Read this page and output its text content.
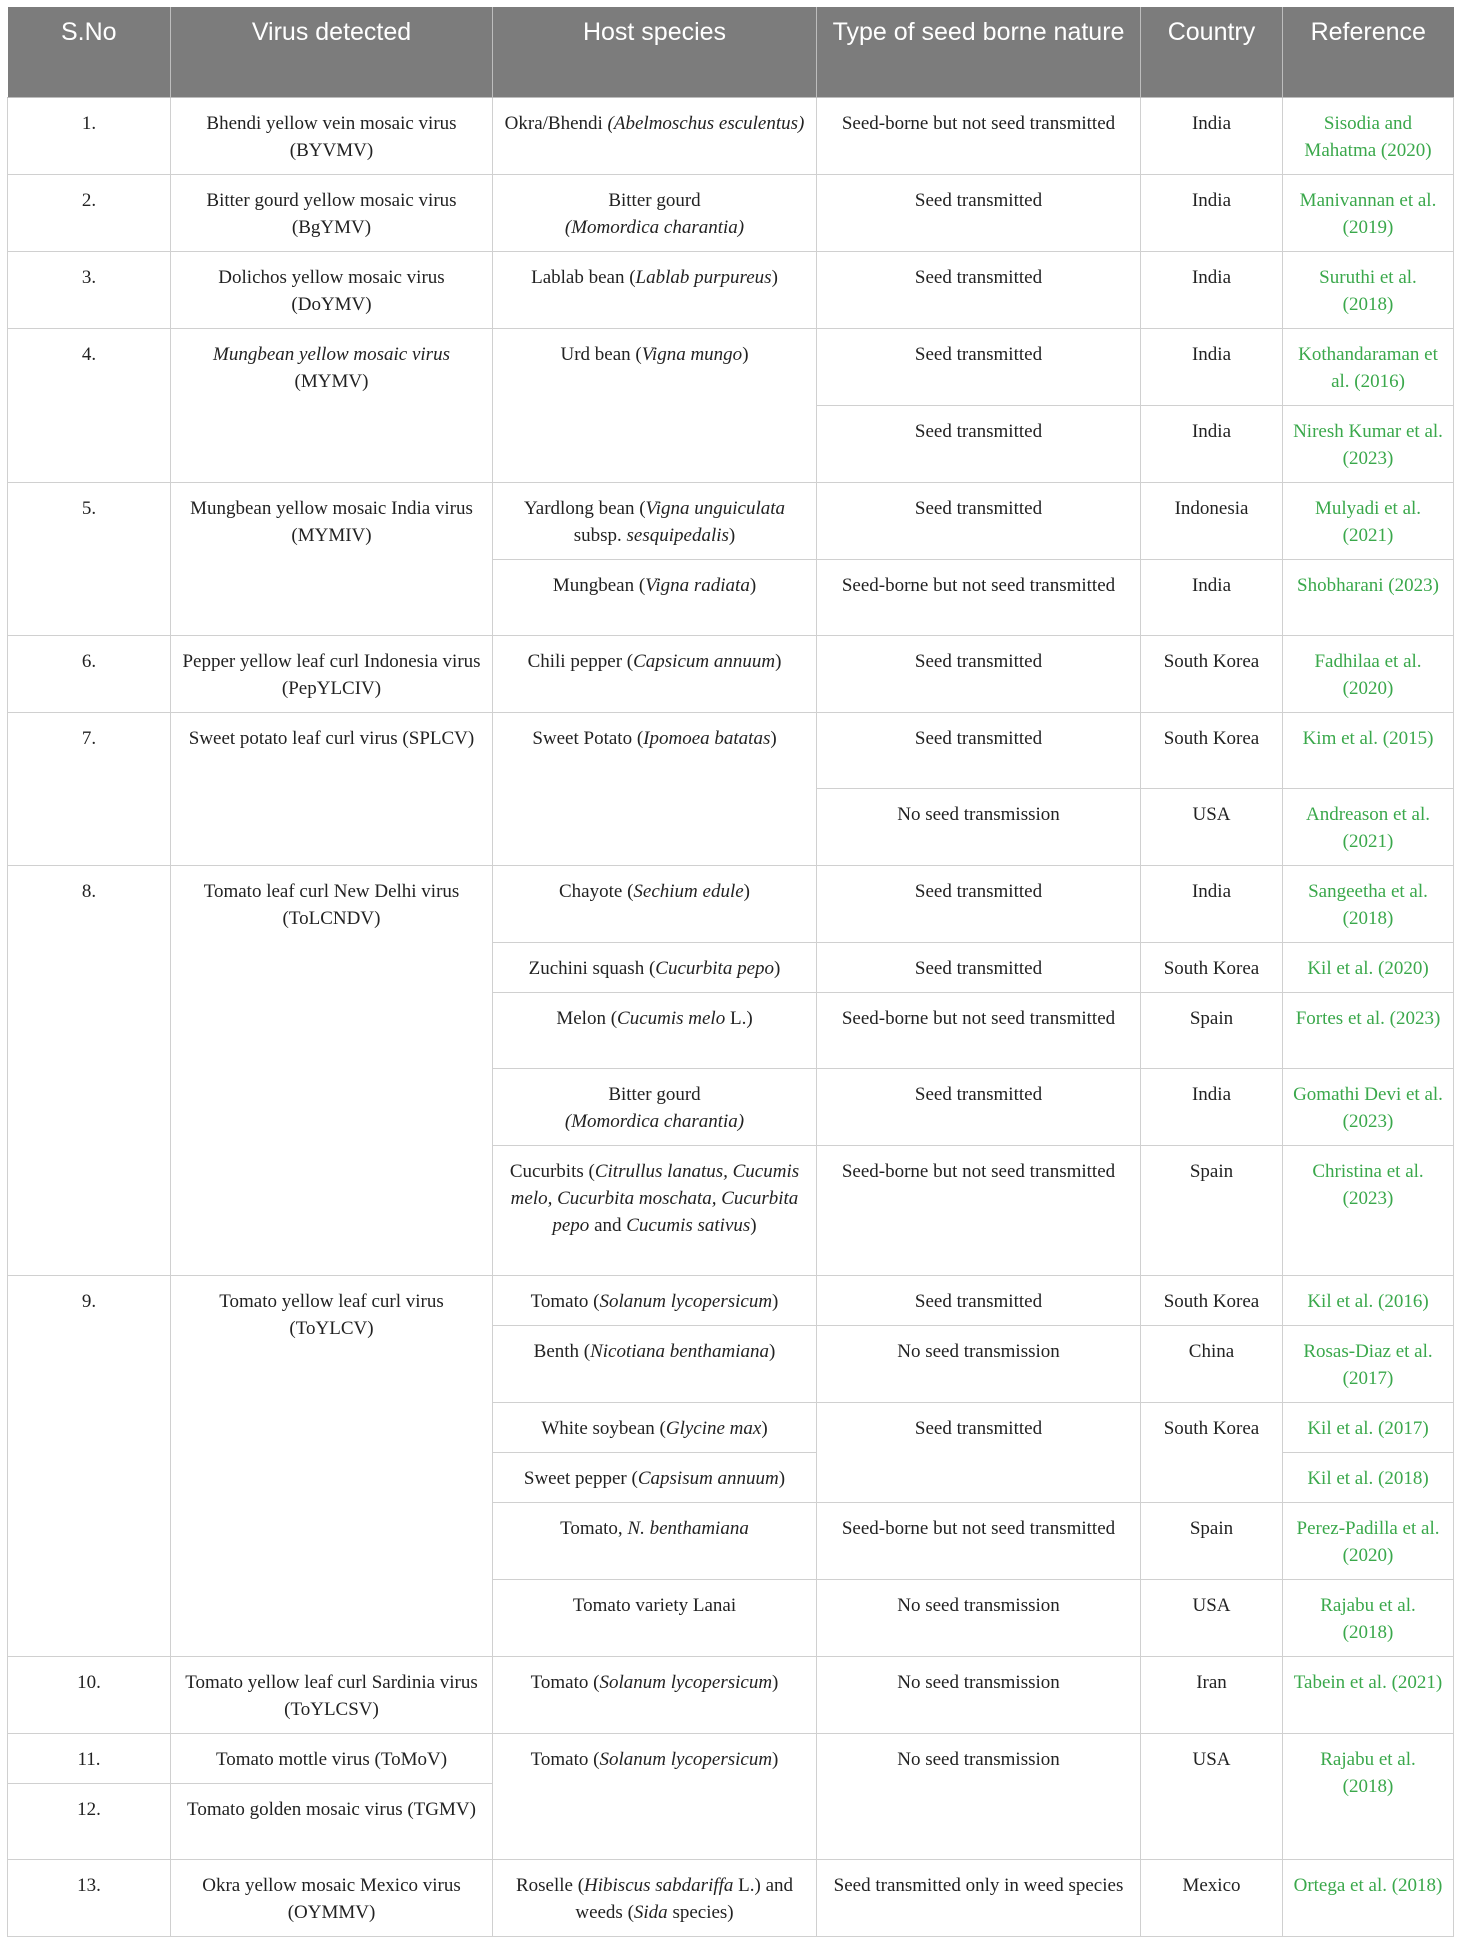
S.No	Virus detected	Host species	Type of seed borne nature	Country	Reference
1.	Bhendi yellow vein mosaic virus (BYVMV)	Okra/Bhendi (Abelmoschus esculentus)	Seed-borne but not seed transmitted	India	Sisodia and Mahatma (2020)
2.	Bitter gourd yellow mosaic virus (BgYMV)	Bitter gourd
(Momordica charantia)	Seed transmitted	India	Manivannan et al. (2019)
3.	Dolichos yellow mosaic virus (DoYMV)	Lablab bean (Lablab purpureus)	Seed transmitted	India	Suruthi et al. (2018)
4.	Mungbean yellow mosaic virus (MYMV)	Urd bean (Vigna mungo)	Seed transmitted	India	Kothandaraman et al. (2016)
			Seed transmitted	India	Niresh Kumar et al. (2023)
5.	Mungbean yellow mosaic India virus (MYMIV)	Yardlong bean (Vigna unguiculata subsp. sesquipedalis)	Seed transmitted	Indonesia	Mulyadi et al. (2021)
		Mungbean (Vigna radiata)	Seed-borne but not seed transmitted	India	Shobharani (2023)
6.	Pepper yellow leaf curl Indonesia virus (PepYLCIV)	Chili pepper (Capsicum annuum)	Seed transmitted	South Korea	Fadhilaa et al. (2020)
7.	Sweet potato leaf curl virus (SPLCV)	Sweet Potato (Ipomoea batatas)	Seed transmitted	South Korea	Kim et al. (2015)
			No seed transmission	USA	Andreason et al. (2021)
8.	Tomato leaf curl New Delhi virus (ToLCNDV)	Chayote (Sechium edule)	Seed transmitted	India	Sangeetha et al. (2018)
		Zuchini squash (Cucurbita pepo)	Seed transmitted	South Korea	Kil et al. (2020)
		Melon (Cucumis melo L.)	Seed-borne but not seed transmitted	Spain	Fortes et al. (2023)
		Bitter gourd
(Momordica charantia)	Seed transmitted	India	Gomathi Devi et al. (2023)
		Cucurbits (Citrullus lanatus, Cucumis melo, Cucurbita moschata, Cucurbita pepo and Cucumis sativus)	Seed-borne but not seed transmitted	Spain	Christina et al. (2023)
9.	Tomato yellow leaf curl virus (ToYLCV)	Tomato (Solanum lycopersicum)	Seed transmitted	South Korea	Kil et al. (2016)
		Benth (Nicotiana benthamiana)	No seed transmission	China	Rosas-Diaz et al. (2017)
		White soybean (Glycine max)	Seed transmitted	South Korea	Kil et al. (2017)
		Sweet pepper (Capsisum annuum)			Kil et al. (2018)
		Tomato, N. benthamiana	Seed-borne but not seed transmitted	Spain	Perez-Padilla et al. (2020)
		Tomato variety Lanai	No seed transmission	USA	Rajabu et al. (2018)
10.	Tomato yellow leaf curl Sardinia virus (ToYLCSV)	Tomato (Solanum lycopersicum)	No seed transmission	Iran	Tabein et al. (2021)
11.	Tomato mottle virus (ToMoV)	Tomato (Solanum lycopersicum)	No seed transmission	USA	Rajabu et al. (2018)
12.	Tomato golden mosaic virus (TGMV)				
13.	Okra yellow mosaic Mexico virus (OYMMV)	Roselle (Hibiscus sabdariffa L.) and weeds (Sida species)	Seed transmitted only in weed species	Mexico	Ortega et al. (2018)
